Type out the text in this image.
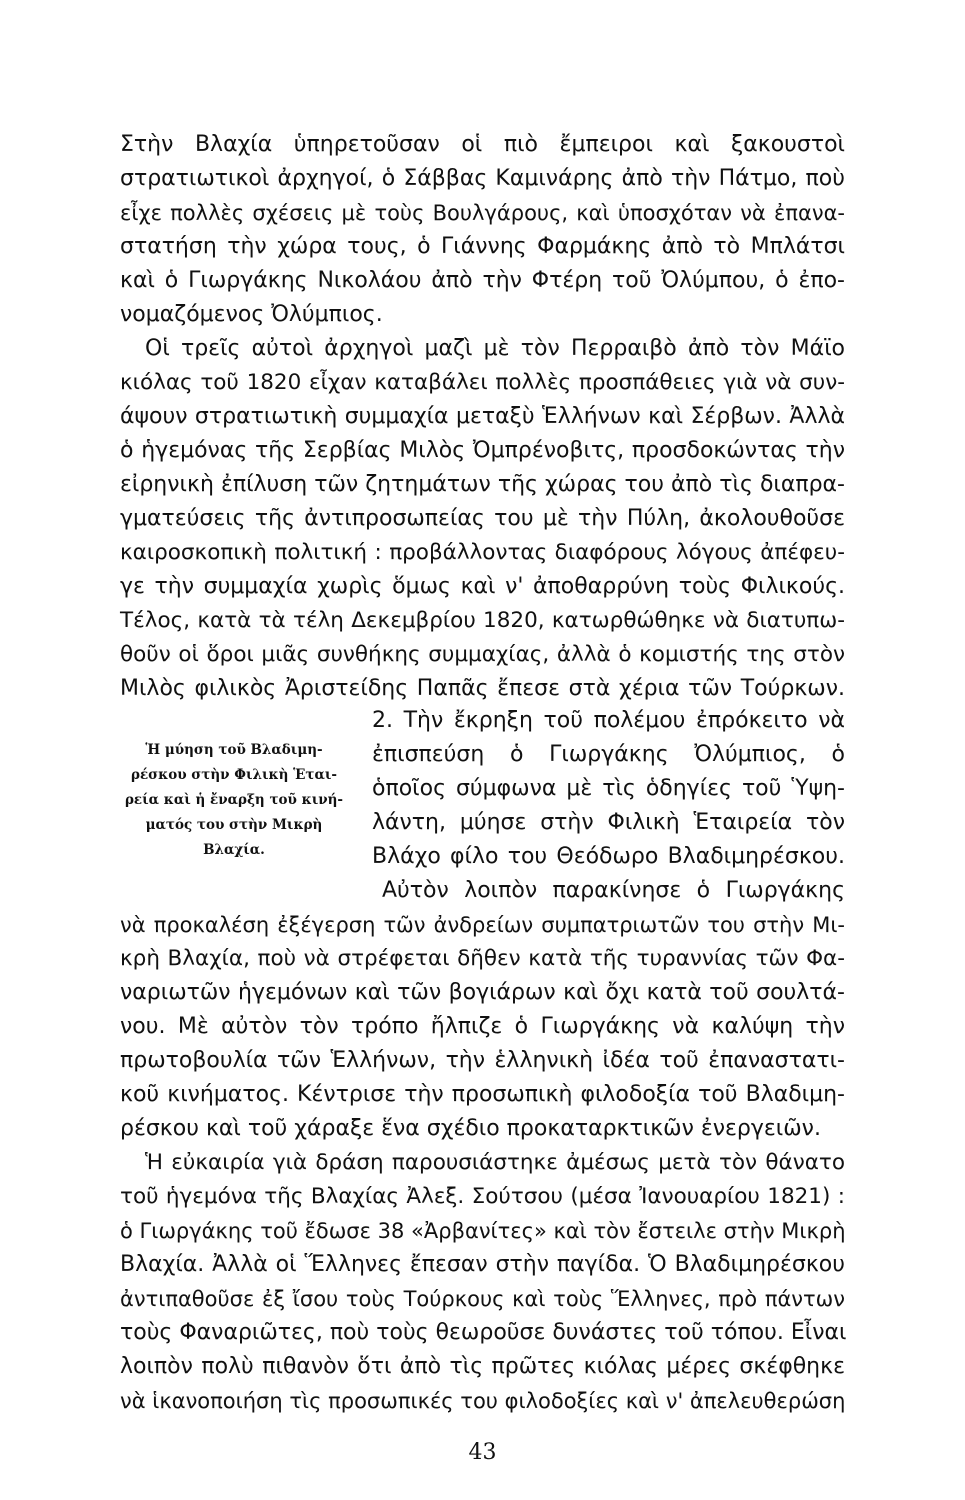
Στὴν Βλαχία ὑπηρετοῦσαν οἱ πιὸ ἔμπειροι καὶ ξακουστοὶ
στρατιωτικοὶ ἀρχηγοί, ὁ Σάββας Καμινάρης ἀπὸ τὴν Πάτμο, ποὺ
εἶχε πολλὲς σχέσεις μὲ τοὺς Βουλγάρους, καὶ ὑποσχόταν νὰ ἐπανα-
στατήση τὴν χώρα τους, ὁ Γιάννης Φαρμάκης ἀπὸ τὸ Μπλάτσι
καὶ ὁ Γιωργάκης Νικολάου ἀπὸ τὴν Φτέρη τοῦ Ὀλύμπου, ὁ ἐπο-
νομαζόμενος Ὀλύμπιος.
Οἱ τρεῖς αὐτοὶ ἀρχηγοὶ μαζὶ μὲ τὸν Περραιβὸ ἀπὸ τὸν Μάϊο
κιόλας τοῦ 1820 εἶχαν καταβάλει πολλὲς προσπάθειες γιὰ νὰ συν-
άψουν στρατιωτικὴ συμμαχία μεταξὺ Ἑλλήνων καὶ Σέρβων. Ἀλλὰ
ὁ ἡγεμόνας τῆς Σερβίας Μιλὸς Ὀμπρένοβιτς, προσδοκώντας τὴν
εἰρηνικὴ ἐπίλυση τῶν ζητημάτων τῆς χώρας του ἀπὸ τὶς διαπρα-
γματεύσεις τῆς ἀντιπροσωπείας του μὲ τὴν Πύλη, ἀκολουθοῦσε
καιροσκοπικὴ πολιτική : προβάλλοντας διαφόρους λόγους ἀπέφευ-
γε τὴν συμμαχία χωρὶς ὅμως καὶ ν' ἀποθαρρύνη τοὺς Φιλικούς.
Τέλος, κατὰ τὰ τέλη Δεκεμβρίου 1820, κατωρθώθηκε νὰ διατυπω-
θοῦν οἱ ὅροι μιᾶς συνθήκης συμμαχίας, ἀλλὰ ὁ κομιστής της στὸν
Μιλὸς φιλικὸς Ἀριστείδης Παπᾶς ἔπεσε στὰ χέρια τῶν Τούρκων.
Ἡ μύηση τοῦ Βλαδιμη-
ρέσκου στὴν Φιλικὴ Ἑται-
ρεία καὶ ἡ ἔναρξη τοῦ κινή-
ματός του στὴν Μικρὴ
Βλαχία.
2. Τὴν ἔκρηξη τοῦ πολέμου ἐπρόκειτο νὰ
ἐπισπεύση ὁ Γιωργάκης Ὀλύμπιος, ὁ
ὁποῖος σύμφωνα μὲ τὶς ὁδηγίες τοῦ Ὑψη-
λάντη, μύησε στὴν Φιλικὴ Ἑταιρεία τὸν
Βλάχο φίλο του Θεόδωρο Βλαδιμηρέσκου.
Αὐτὸν λοιπὸν παρακίνησε ὁ Γιωργάκης
νὰ προκαλέση ἐξέγερση τῶν ἀνδρείων συμπατριωτῶν του στὴν Μι-
κρὴ Βλαχία, ποὺ νὰ στρέφεται δῆθεν κατὰ τῆς τυραννίας τῶν Φα-
ναριωτῶν ἡγεμόνων καὶ τῶν βογιάρων καὶ ὄχι κατὰ τοῦ σουλτά-
νου. Μὲ αὐτὸν τὸν τρόπο ἤλπιζε ὁ Γιωργάκης νὰ καλύψη τὴν
πρωτοβουλία τῶν Ἑλλήνων, τὴν ἑλληνικὴ ἰδέα τοῦ ἐπαναστατι-
κοῦ κινήματος. Κέντρισε τὴν προσωπικὴ φιλοδοξία τοῦ Βλαδιμη-
ρέσκου καὶ τοῦ χάραξε ἕνα σχέδιο προκαταρκτικῶν ἐνεργειῶν.
Ἡ εὐκαιρία γιὰ δράση παρουσιάστηκε ἀμέσως μετὰ τὸν θάνατο
τοῦ ἡγεμόνα τῆς Βλαχίας Ἀλεξ. Σούτσου (μέσα Ἰανουαρίου 1821) :
ὁ Γιωργάκης τοῦ ἔδωσε 38 «Ἀρβανίτες» καὶ τὸν ἔστειλε στὴν Μικρὴ
Βλαχία. Ἀλλὰ οἱ Ἕλληνες ἔπεσαν στὴν παγίδα. Ὁ Βλαδιμηρέσκου
ἀντιπαθοῦσε ἐξ ἴσου τοὺς Τούρκους καὶ τοὺς Ἕλληνες, πρὸ πάντων
τοὺς Φαναριῶτες, ποὺ τοὺς θεωροῦσε δυνάστες τοῦ τόπου. Εἶναι
λοιπὸν πολὺ πιθανὸν ὅτι ἀπὸ τὶς πρῶτες κιόλας μέρες σκέφθηκε
νὰ ἱκανοποιήση τὶς προσωπικές του φιλοδοξίες καὶ ν' ἀπελευθερώση
43
